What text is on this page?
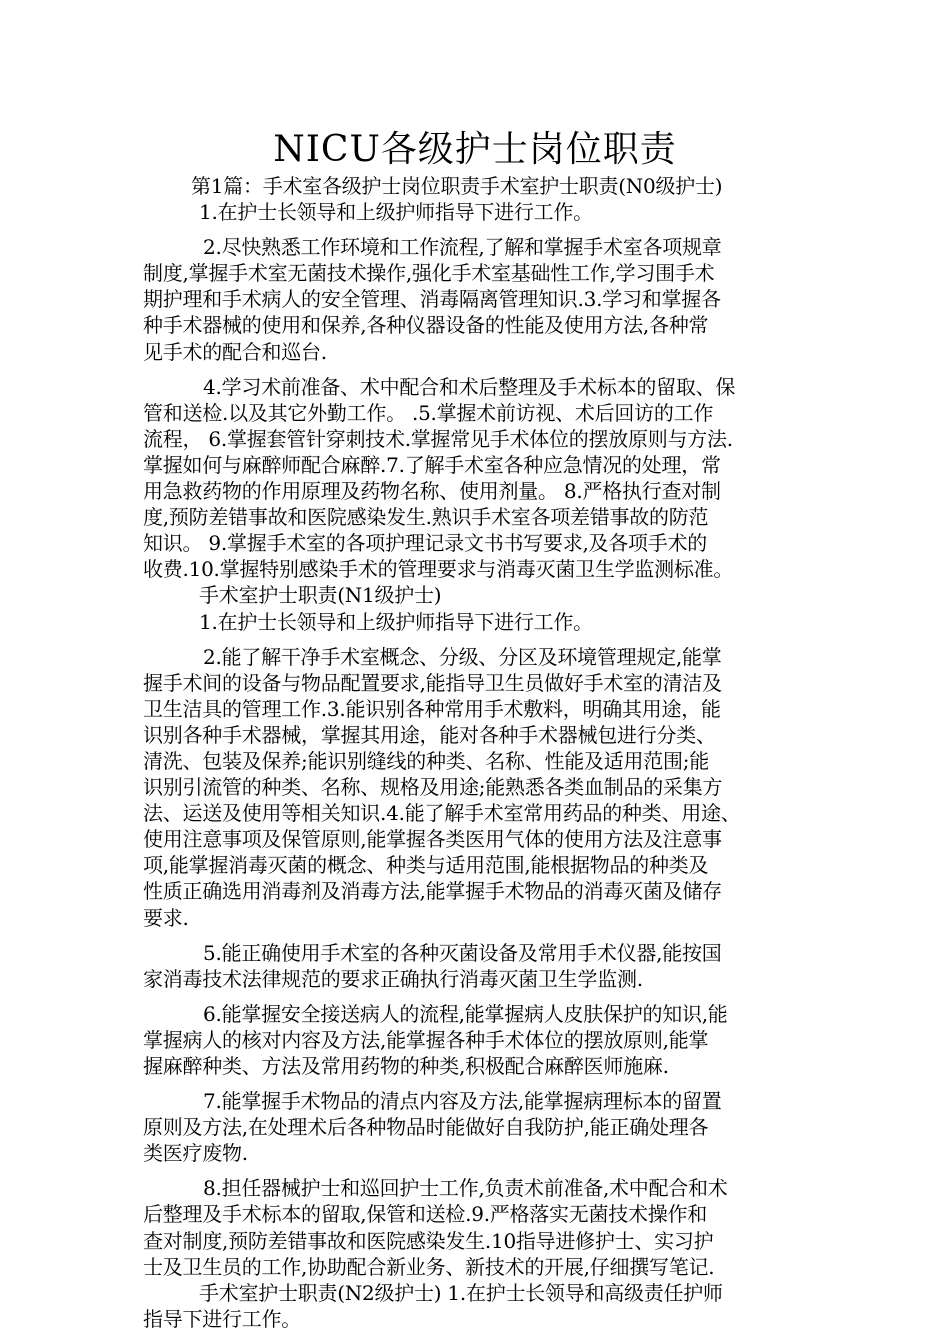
NICU各级护士岗位职责
第1篇：手术室各级护士岗位职责手术室护士职责(N0级护士)
1.在护士长领导和上级护师指导下进行工作。
2.尽快熟悉工作环境和工作流程,了解和掌握手术室各项规章
制度,掌握手术室无菌技术操作,强化手术室基础性工作,学习围手术
期护理和手术病人的安全管理、消毒隔离管理知识.3.学习和掌握各
种手术器械的使用和保养,各种仪器设备的性能及使用方法,各种常
见手术的配合和巡台.
4.学习术前准备、术中配合和术后整理及手术标本的留取、保
管和送检.以及其它外勤工作。 .5.掌握术前访视、术后回访的工作
流程， 6.掌握套管针穿刺技术.掌握常见手术体位的摆放原则与方法.
掌握如何与麻醉师配合麻醉.7.了解手术室各种应急情况的处理，常
用急救药物的作用原理及药物名称、使用剂量。 8.严格执行查对制
度,预防差错事故和医院感染发生.熟识手术室各项差错事故的防范
知识。 9.掌握手术室的各项护理记录文书书写要求,及各项手术的
收费.10.掌握特别感染手术的管理要求与消毒灭菌卫生学监测标准。
手术室护士职责(N1级护士)
1.在护士长领导和上级护师指导下进行工作。
2.能了解干净手术室概念、分级、分区及环境管理规定,能掌
握手术间的设备与物品配置要求,能指导卫生员做好手术室的清洁及
卫生洁具的管理工作.3.能识别各种常用手术敷料，明确其用途，能
识别各种手术器械，掌握其用途，能对各种手术器械包进行分类、
清洗、包装及保养;能识别缝线的种类、名称、性能及适用范围;能
识别引流管的种类、名称、规格及用途;能熟悉各类血制品的采集方
法、运送及使用等相关知识.4.能了解手术室常用药品的种类、用途、
使用注意事项及保管原则,能掌握各类医用气体的使用方法及注意事
项,能掌握消毒灭菌的概念、种类与适用范围,能根据物品的种类及
性质正确选用消毒剂及消毒方法,能掌握手术物品的消毒灭菌及储存
要求.
5.能正确使用手术室的各种灭菌设备及常用手术仪器,能按国
家消毒技术法律规范的要求正确执行消毒灭菌卫生学监测.
6.能掌握安全接送病人的流程,能掌握病人皮肤保护的知识,能
掌握病人的核对内容及方法,能掌握各种手术体位的摆放原则,能掌
握麻醉种类、方法及常用药物的种类,积极配合麻醉医师施麻.
7.能掌握手术物品的清点内容及方法,能掌握病理标本的留置
原则及方法,在处理术后各种物品时能做好自我防护,能正确处理各
类医疗废物.
8.担任器械护士和巡回护士工作,负责术前准备,术中配合和术
后整理及手术标本的留取,保管和送检.9.严格落实无菌技术操作和
查对制度,预防差错事故和医院感染发生.10指导进修护士、实习护
士及卫生员的工作,协助配合新业务、新技术的开展,仔细撰写笔记.
手术室护士职责(N2级护士) 1.在护士长领导和高级责任护师
指导下进行工作。
